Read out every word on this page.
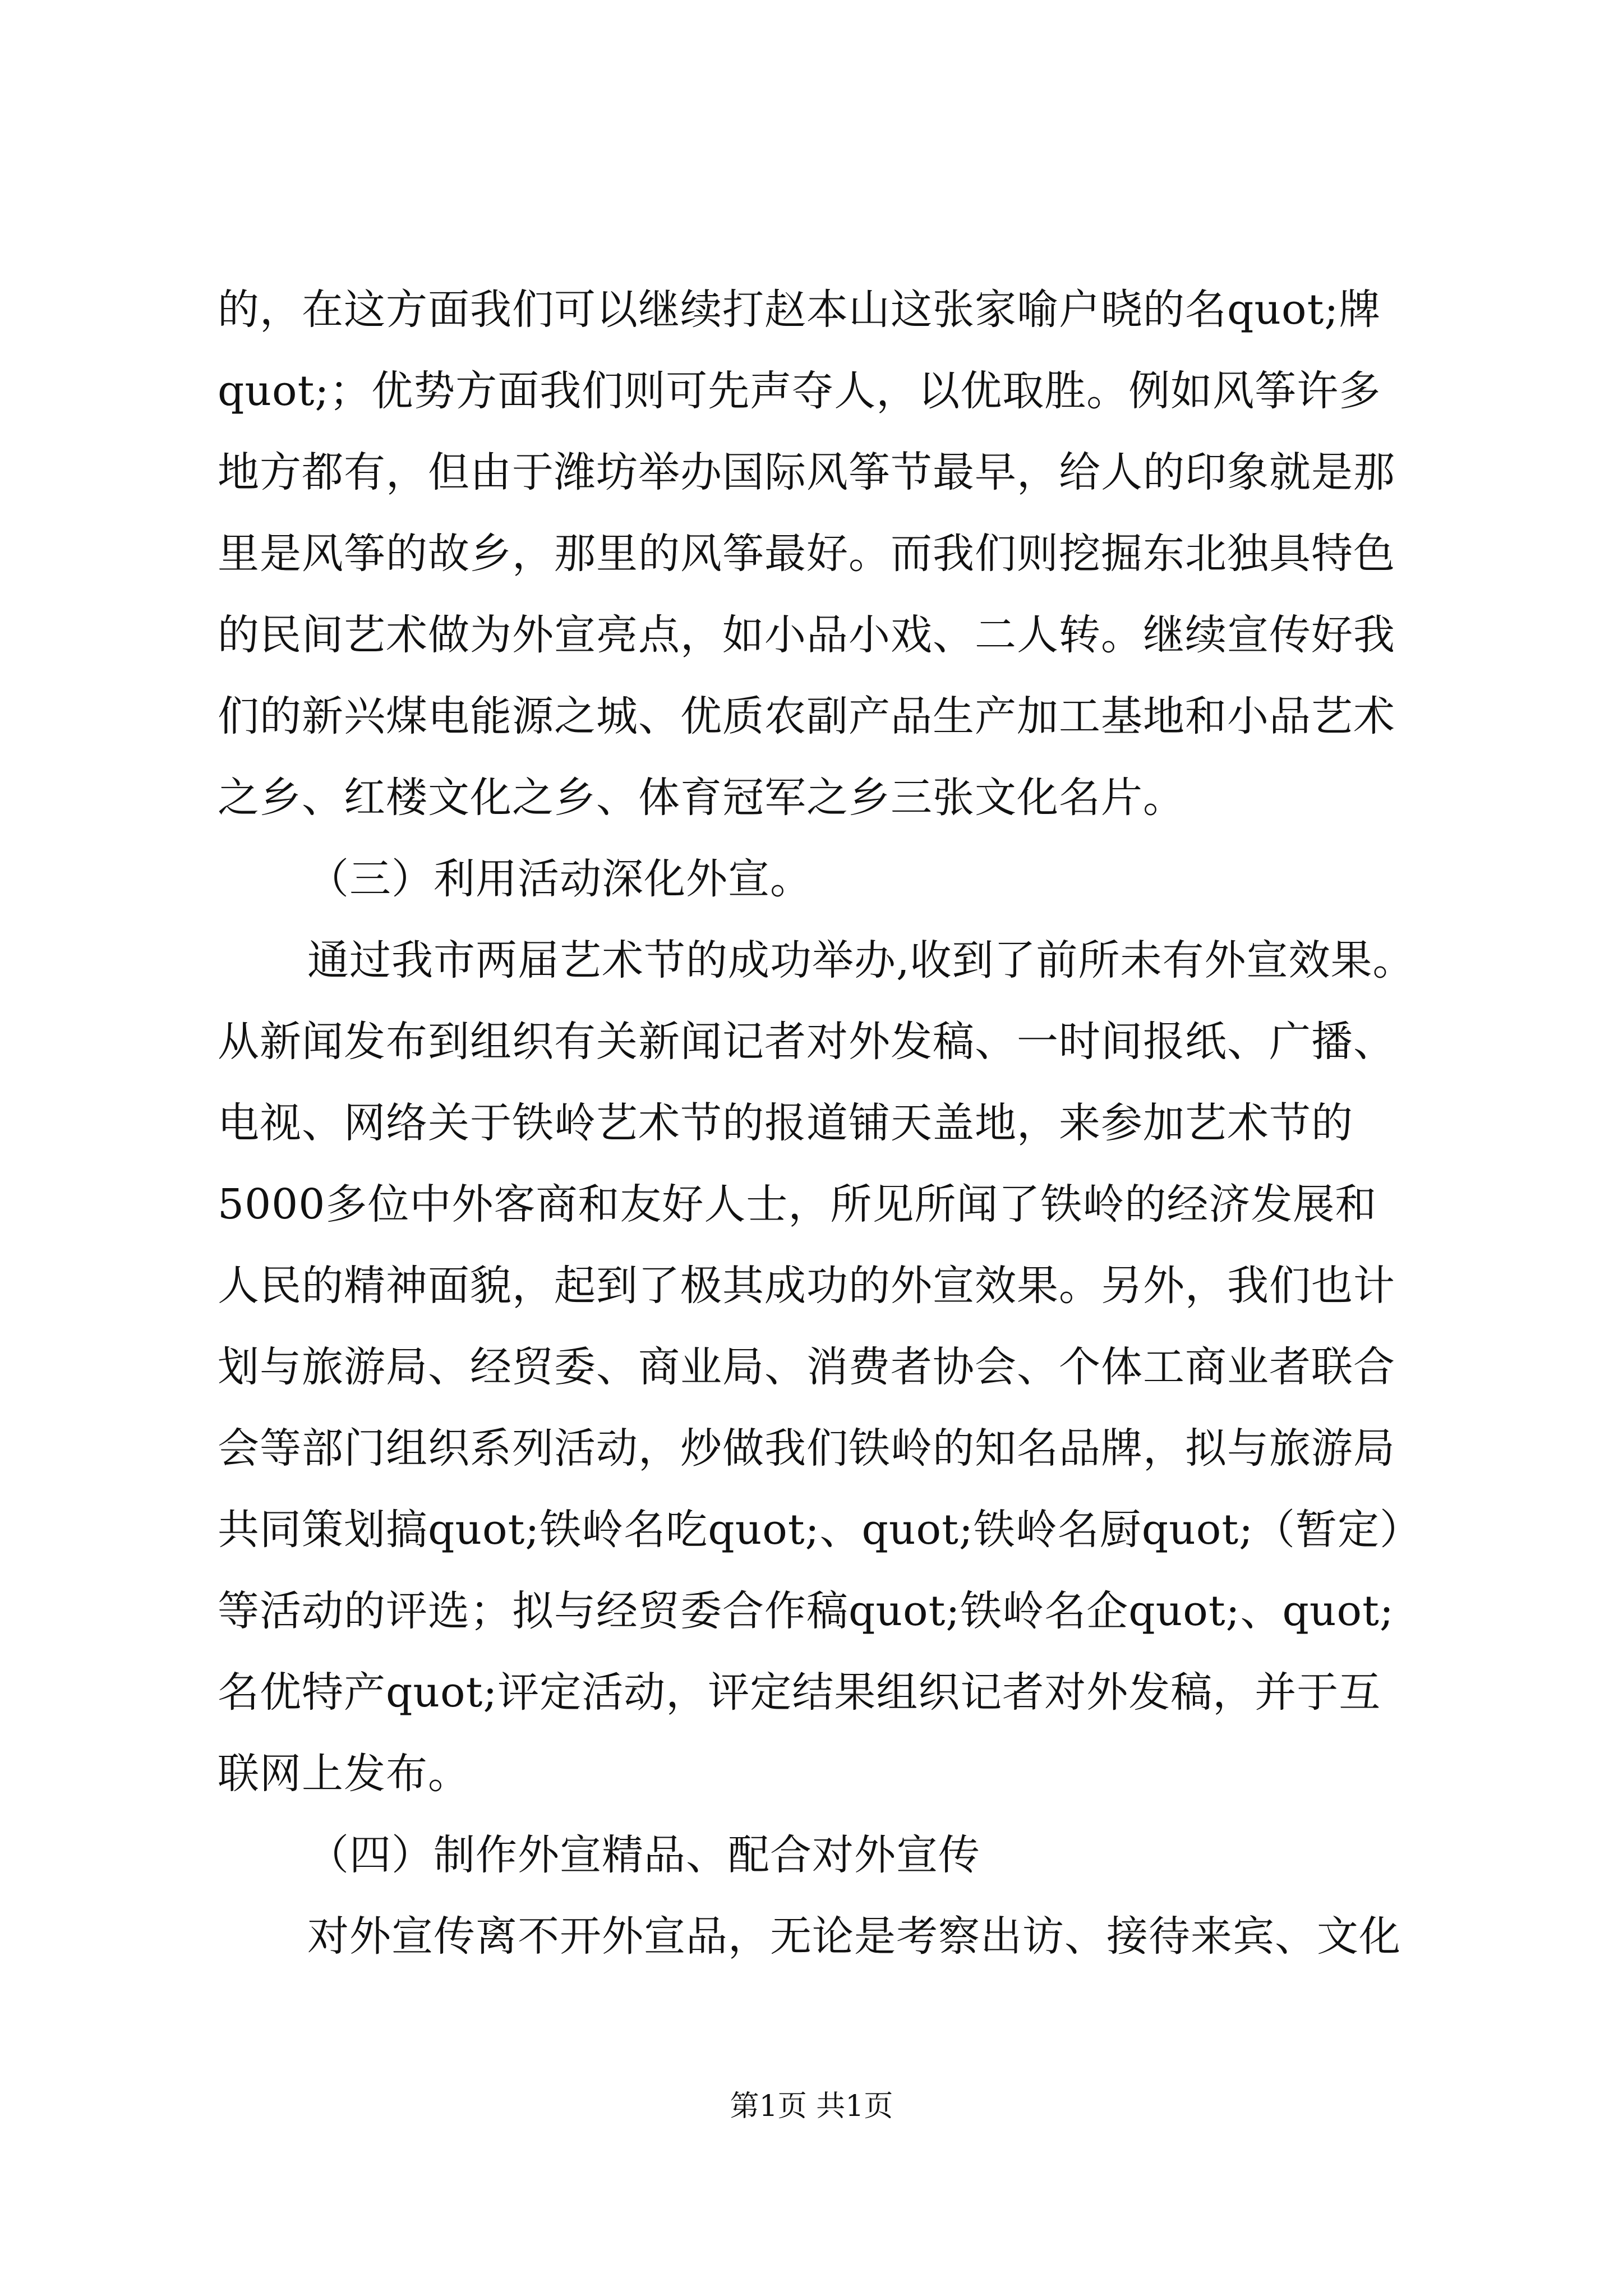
的，在这方面我们可以继续打赵本山这张家喻户晓的名quot;牌
quot;；优势方面我们则可先声夺人，以优取胜。例如风筝许多
地方都有，但由于潍坊举办国际风筝节最早，给人的印象就是那
里是风筝的故乡，那里的风筝最好。而我们则挖掘东北独具特色
的民间艺术做为外宣亮点，如小品小戏、二人转。继续宣传好我
们的新兴煤电能源之城、优质农副产品生产加工基地和小品艺术
之乡、红楼文化之乡、体育冠军之乡三张文化名片。
（三）利用活动深化外宣。
通过我市两届艺术节的成功举办,收到了前所未有外宣效果。
从新闻发布到组织有关新闻记者对外发稿、一时间报纸、广播、
电视、网络关于铁岭艺术节的报道铺天盖地，来参加艺术节的
5000多位中外客商和友好人士，所见所闻了铁岭的经济发展和
人民的精神面貌，起到了极其成功的外宣效果。另外，我们也计
划与旅游局、经贸委、商业局、消费者协会、个体工商业者联合
会等部门组织系列活动，炒做我们铁岭的知名品牌，拟与旅游局
共同策划搞quot;铁岭名吃quot;、quot;铁岭名厨quot;（暂定）
等活动的评选；拟与经贸委合作稿quot;铁岭名企quot;、quot;
名优特产quot;评定活动，评定结果组织记者对外发稿，并于互
联网上发布。
（四）制作外宣精品、配合对外宣传
对外宣传离不开外宣品，无论是考察出访、接待来宾、文化
第1页 共1页
